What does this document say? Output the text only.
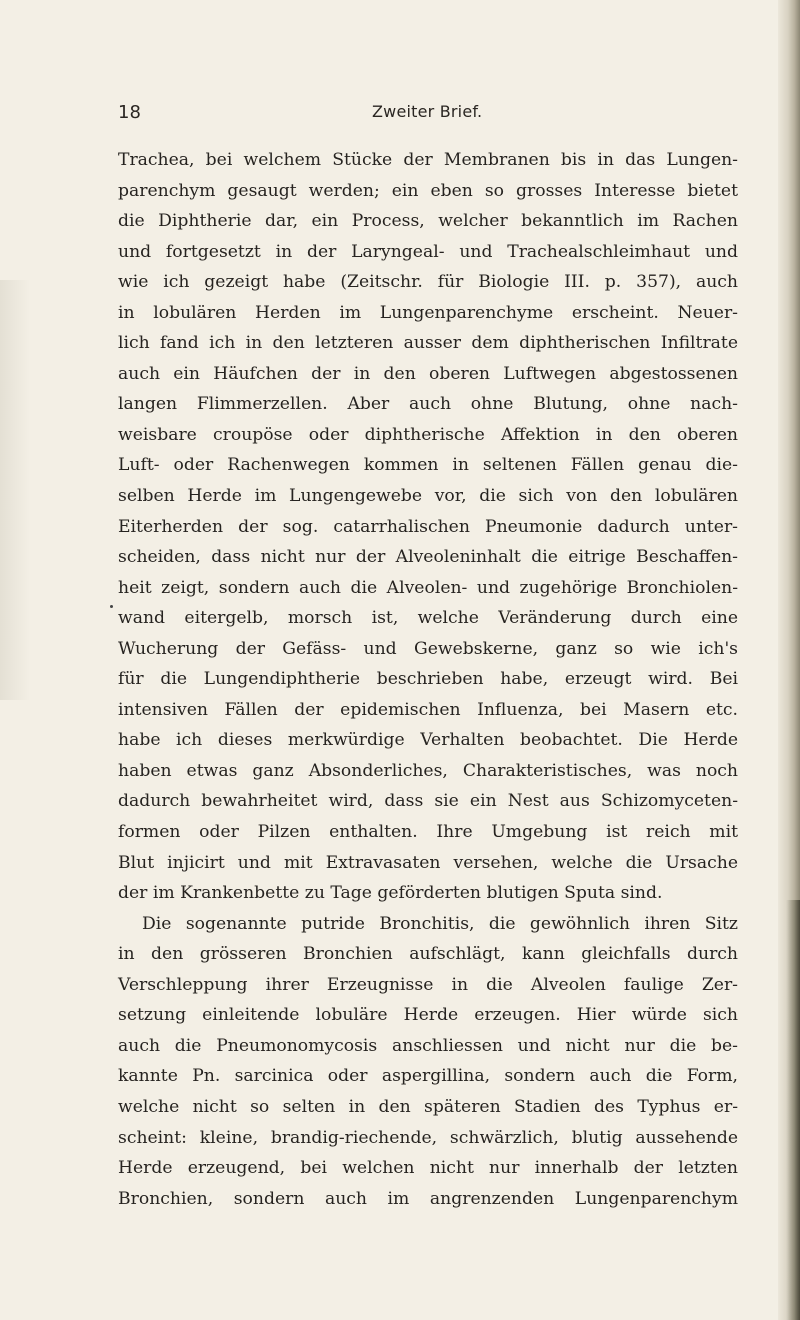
18	Zweiter Brief.
Trachea, bei welchem Stücke der Membranen bis in das Lungen-
parenchym gesaugt werden; ein eben so grosses Interesse bietet
die Diphtherie dar, ein Process, welcher bekanntlich im Rachen
und fortgesetzt in der Laryngeal- und Trachealschleimhaut und
wie ich gezeigt habe (Zeitschr. für Biologie III. p. 357), auch
in lobulären Herden im Lungenparenchyme erscheint. Neuer-
lich fand ich in den letzteren ausser dem diphtherischen Infiltrate
auch ein Häufchen der in den oberen Luftwegen abgestossenen
langen Flimmerzellen. Aber auch ohne Blutung, ohne nach-
weisbare croupöse oder diphtherische Affektion in den oberen
Luft- oder Rachenwegen kommen in seltenen Fällen genau die-
selben Herde im Lungengewebe vor, die sich von den lobulären
Eiterherden der sog. catarrhalischen Pneumonie dadurch unter-
scheiden, dass nicht nur der Alveoleninhalt die eitrige Beschaffen-
heit zeigt, sondern auch die Alveolen- und zugehörige Bronchiolen-
wand eitergelb, morsch ist, welche Veränderung durch eine
Wucherung der Gefäss- und Gewebskerne, ganz so wie ich's
für die Lungendiphtherie beschrieben habe, erzeugt wird. Bei
intensiven Fällen der epidemischen Influenza, bei Masern etc.
habe ich dieses merkwürdige Verhalten beobachtet. Die Herde
haben etwas ganz Absonderliches, Charakteristisches, was noch
dadurch bewahrheitet wird, dass sie ein Nest aus Schizomyceten-
formen oder Pilzen enthalten. Ihre Umgebung ist reich mit
Blut injicirt und mit Extravasaten versehen, welche die Ursache
der im Krankenbette zu Tage geförderten blutigen Sputa sind.
Die sogenannte putride Bronchitis, die gewöhnlich ihren Sitz
in den grösseren Bronchien aufschlägt, kann gleichfalls durch
Verschleppung ihrer Erzeugnisse in die Alveolen faulige Zer-
setzung einleitende lobuläre Herde erzeugen. Hier würde sich
auch die Pneumonomycosis anschliessen und nicht nur die be-
kannte Pn. sarcinica oder aspergillina, sondern auch die Form,
welche nicht so selten in den späteren Stadien des Typhus er-
scheint: kleine, brandig-riechende, schwärzlich, blutig aussehende
Herde erzeugend, bei welchen nicht nur innerhalb der letzten
Bronchien, sondern auch im angrenzenden Lungenparenchym
